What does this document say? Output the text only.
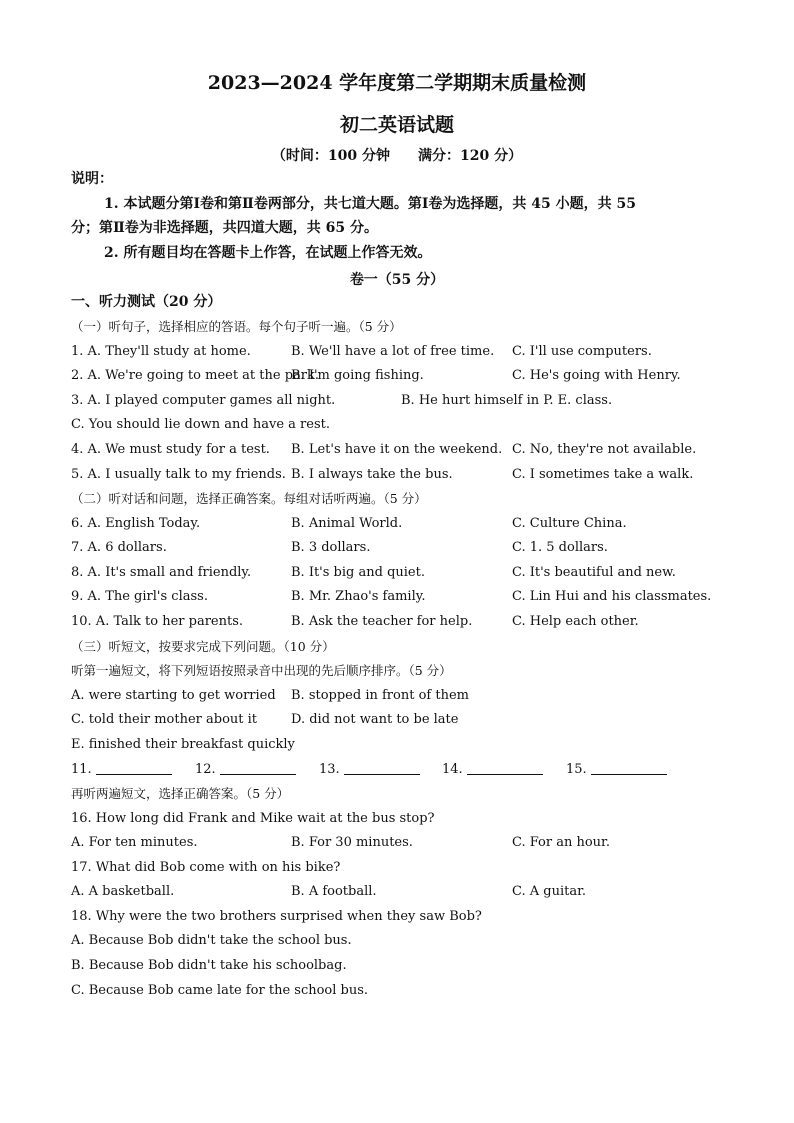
2023—2024 学年度第二学期期末质量检测
初二英语试题
（时间：100 分钟　　满分：120 分）
说明：
1. 本试题分第Ⅰ卷和第Ⅱ卷两部分，共七道大题。第Ⅰ卷为选择题，共 45 小题，共 55
分；第Ⅱ卷为非选择题，共四道大题，共 65 分。
2. 所有题目均在答题卡上作答，在试题上作答无效。
卷一（55 分）
一、听力测试（20 分）
（一）听句子，选择相应的答语。每个句子听一遍。（5 分）
1. A. They'll study at home.	B. We'll have a lot of free time. C. I'll use computers.
2. A. We're going to meet at the park.
B. I'm going fishing.	C. He's going with Henry.
3. A. I played computer games all night.	B. He hurt himself in P. E. class.
C. You should lie down and have a rest.
4. A. We must study for a test. B. Let's have it on the weekend. C. No, they're not available.
5. A. I usually talk to my friends. B. I always take the bus.	C. I sometimes take a walk.
（二）听对话和问题，选择正确答案。每组对话听两遍。（5 分）
6. A. English Today.	B. Animal World.	C. Culture China.
7. A. 6 dollars.	B. 3 dollars.	C. 1. 5 dollars.
8. A. It's small and friendly.	B. It's big and quiet.	C. It's beautiful and new.
9. A. The girl's class.	B. Mr. Zhao's family.	C. Lin Hui and his classmates.
10. A. Talk to her parents.	B. Ask the teacher for help.	C. Help each other.
（三）听短文，按要求完成下列问题。（10 分）
听第一遍短文，将下列短语按照录音中出现的先后顺序排序。（5 分）
A. were starting to get worried B. stopped in front of them
C. told their mother about it	D. did not want to be late
E. finished their breakfast quickly
11.	12.	13.	14.	15.
再听两遍短文，选择正确答案。（5 分）
16. How long did Frank and Mike wait at the bus stop?
A. For ten minutes.	B. For 30 minutes.	C. For an hour.
17. What did Bob come with on his bike?
A. A basketball.	B. A football.	C. A guitar.
18. Why were the two brothers surprised when they saw Bob?
A. Because Bob didn't take the school bus.
B. Because Bob didn't take his schoolbag.
C. Because Bob came late for the school bus.
